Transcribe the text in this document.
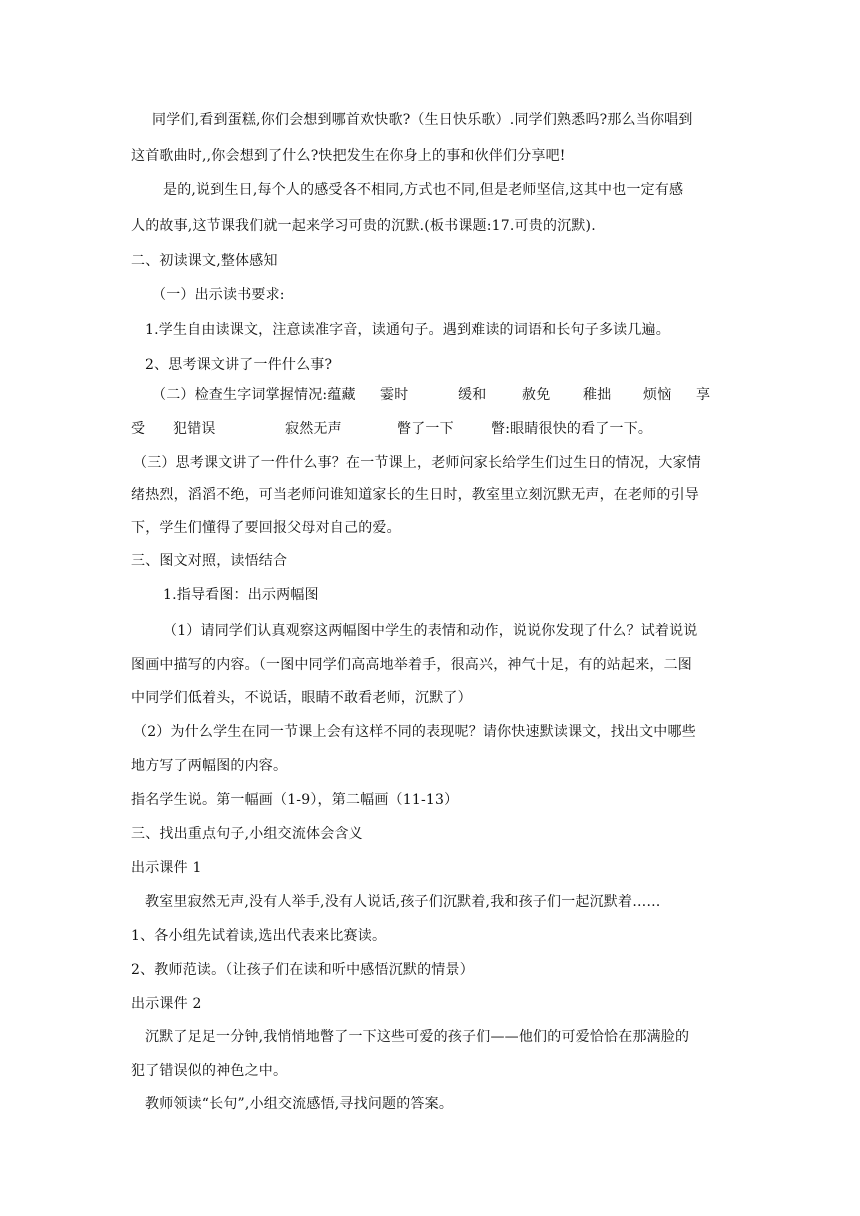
同学们,看到蛋糕,你们会想到哪首欢快歌?（生日快乐歌）.同学们熟悉吗?那么当你唱到
这首歌曲时,,你会想到了什么?快把发生在你身上的事和伙伴们分享吧!
是的,说到生日,每个人的感受各不相同,方式也不同,但是老师坚信,这其中也一定有感
人的故事,这节课我们就一起来学习可贵的沉默.(板书课题:17.可贵的沉默).
二、初读课文,整体感知
（一）出示读书要求:
1.学生自由读课文，注意读准字音，读通句子。遇到难读的词语和长句子多读几遍。
2、思考课文讲了一件什么事?
（二）检查生字词掌握情况:蕴藏 霎时	缓和	赦免 稚拙 烦恼 享
受 犯错误	寂然无声	瞥了一下	瞥:眼睛很快的看了一下。
（三）思考课文讲了一件什么事？在一节课上，老师问家长给学生们过生日的情况，大家情
绪热烈，滔滔不绝，可当老师问谁知道家长的生日时，教室里立刻沉默无声，在老师的引导
下，学生们懂得了要回报父母对自己的爱。
三、图文对照，读悟结合
1.指导看图：出示两幅图
（1）请同学们认真观察这两幅图中学生的表情和动作，说说你发现了什么？试着说说
图画中描写的内容。（一图中同学们高高地举着手，很高兴，神气十足，有的站起来，二图
中同学们低着头，不说话，眼睛不敢看老师，沉默了）
（2）为什么学生在同一节课上会有这样不同的表现呢？请你快速默读课文，找出文中哪些
地方写了两幅图的内容。
指名学生说。第一幅画（1-9），第二幅画（11-13）
三、找出重点句子,小组交流体会含义
出示课件 1
教室里寂然无声,没有人举手,没有人说话,孩子们沉默着,我和孩子们一起沉默着……
1、各小组先试着读,选出代表来比赛读。
2、教师范读。（让孩子们在读和听中感悟沉默的情景）
出示课件 2
沉默了足足一分钟,我悄悄地瞥了一下这些可爱的孩子们——他们的可爱恰恰在那满脸的
犯了错误似的神色之中。
教师领读“长句”,小组交流感悟,寻找问题的答案。
